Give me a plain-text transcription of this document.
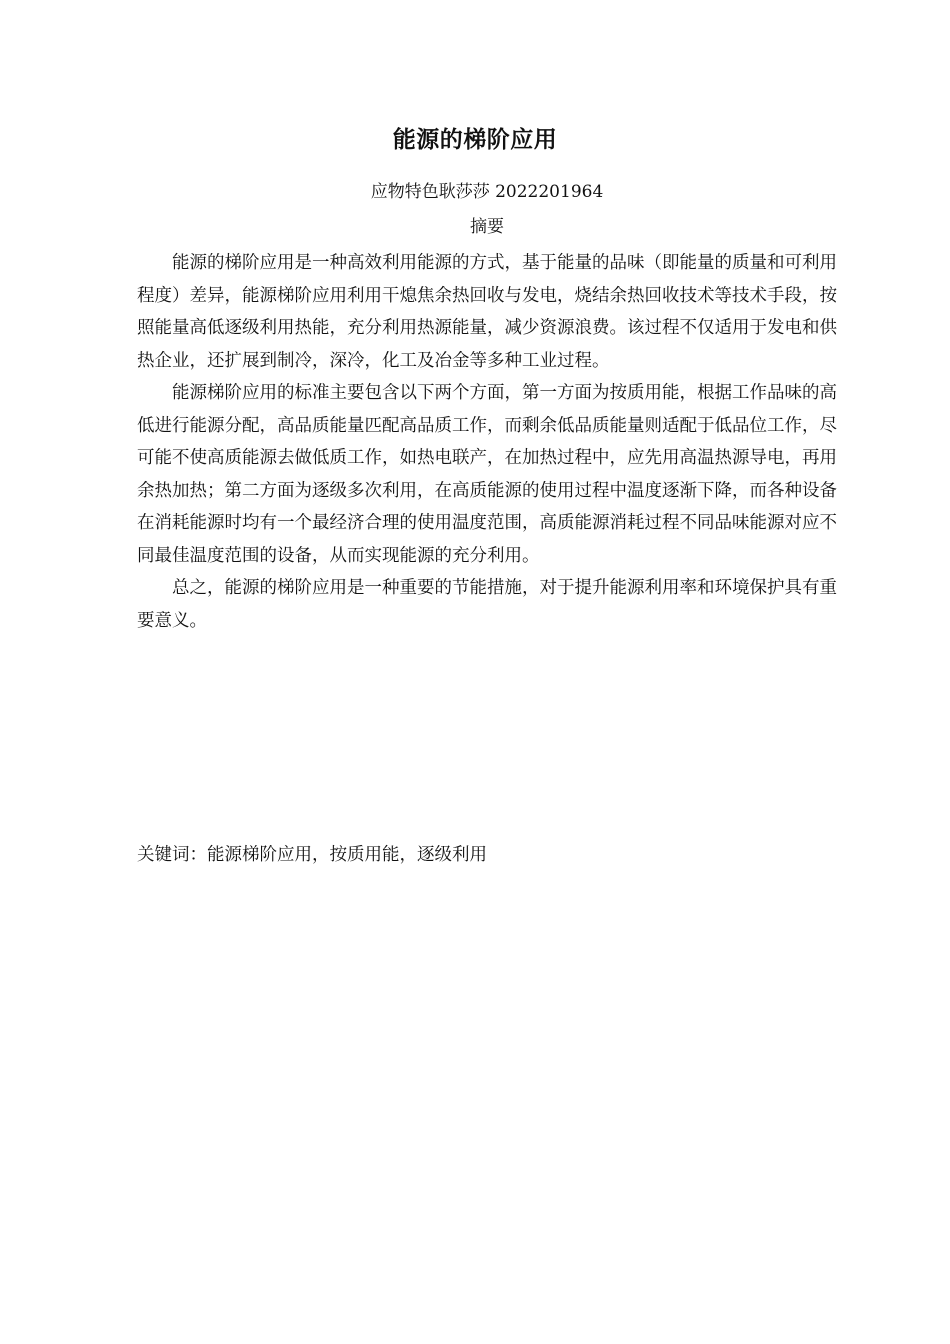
能源的梯阶应用
应物特色耿莎莎 2022201964
摘要

能源的梯阶应用是一种高效利用能源的方式，基于能量的品味（即能量的质量和可利用程度）差异，能源梯阶应用利用干熄焦余热回收与发电，烧结余热回收技术等技术手段，按照能量高低逐级利用热能，充分利用热源能量，减少资源浪费。该过程不仅适用于发电和供热企业，还扩展到制冷，深冷，化工及冶金等多种工业过程。

能源梯阶应用的标准主要包含以下两个方面，第一方面为按质用能，根据工作品味的高低进行能源分配，高品质能量匹配高品质工作，而剩余低品质能量则适配于低品位工作，尽可能不使高质能源去做低质工作，如热电联产，在加热过程中，应先用高温热源导电，再用余热加热；第二方面为逐级多次利用，在高质能源的使用过程中温度逐渐下降，而各种设备在消耗能源时均有一个最经济合理的使用温度范围，高质能源消耗过程不同品味能源对应不同最佳温度范围的设备，从而实现能源的充分利用。

总之，能源的梯阶应用是一种重要的节能措施，对于提升能源利用率和环境保护具有重要意义。

关键词：能源梯阶应用，按质用能，逐级利用
